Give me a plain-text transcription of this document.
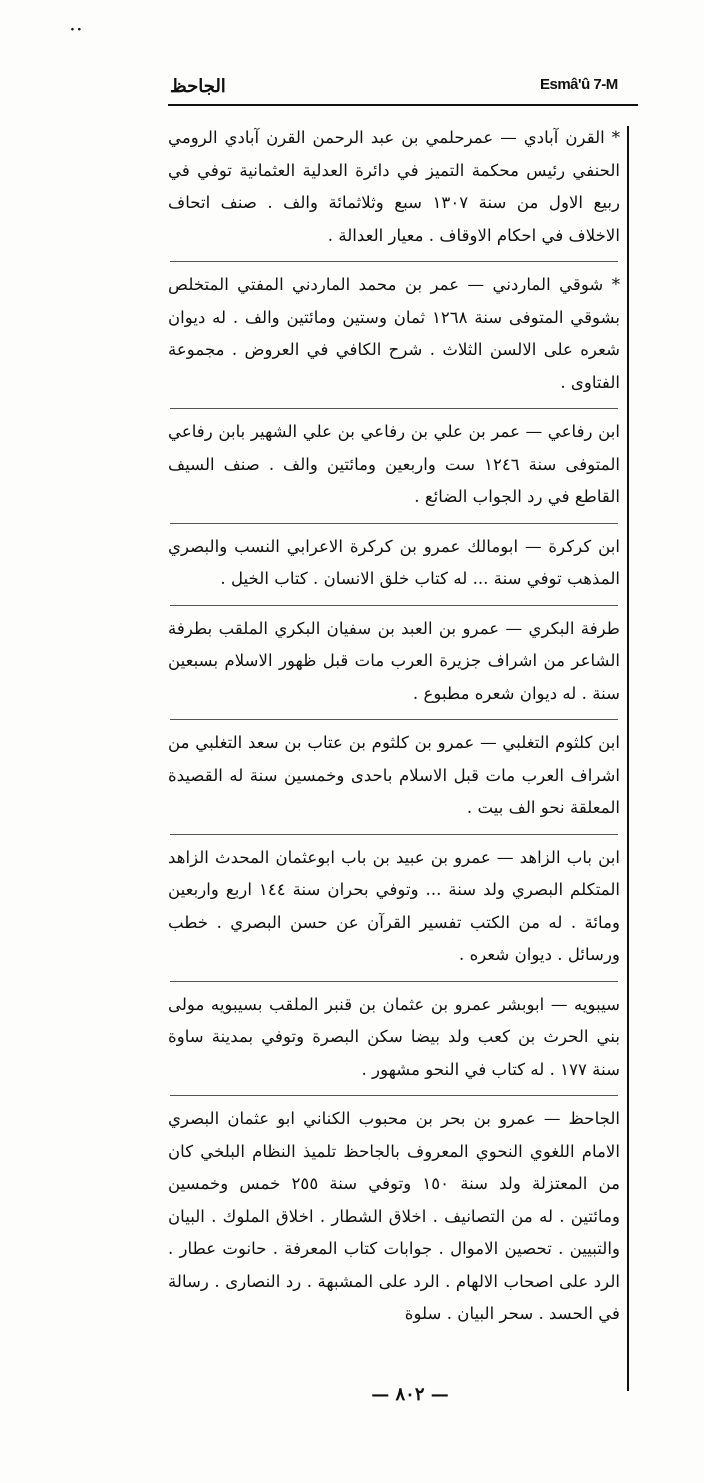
··
Esmâ'û 7-M
الجاحظ

* القرن آبادي — عمرحلمي بن عبد الرحمن القرن آبادي الرومي الحنفي رئيس محكمة التميز في دائرة العدلية العثمانية توفي في ربيع الاول من سنة ١٣٠٧ سبع وثلاثمائة والف . صنف اتحاف الاخلاف في احكام الاوقاف . معيار العدالة .

* شوقي الماردني — عمر بن محمد الماردني المفتي المتخلص بشوقي المتوفى سنة ١٢٦٨ ثمان وستين ومائتين والف . له ديوان شعره على الالسن الثلاث . شرح الكافي في العروض . مجموعة الفتاوى .

ابن رفاعي — عمر بن علي بن رفاعي بن علي الشهير بابن رفاعي المتوفى سنة ١٢٤٦ ست واربعين ومائتين والف . صنف السيف القاطع في رد الجواب الضائع .

ابن كركرة — ابومالك عمرو بن كركرة الاعرابي النسب والبصري المذهب توفي سنة ... له كتاب خلق الانسان . كتاب الخيل .

طرفة البكري — عمرو بن العبد بن سفيان البكري الملقب بطرفة الشاعر من اشراف جزيرة العرب مات قبل ظهور الاسلام بسبعين سنة . له ديوان شعره مطبوع .

ابن كلثوم التغلبي — عمرو بن كلثوم بن عتاب بن سعد التغلبي من اشراف العرب مات قبل الاسلام باحدى وخمسين سنة له القصيدة المعلقة نحو الف بيت .

ابن باب الزاهد — عمرو بن عبيد بن باب ابوعثمان المحدث الزاهد المتكلم البصري ولد سنة ... وتوفي بحران سنة ١٤٤ اربع واربعين ومائة . له من الكتب تفسير القرآن عن حسن البصري . خطب ورسائل . ديوان شعره .

سيبويه — ابوبشر عمرو بن عثمان بن قنبر الملقب بسيبويه مولى بني الحرث بن كعب ولد بيضا سكن البصرة وتوفي بمدينة ساوة سنة ١٧٧ . له كتاب في النحو مشهور .

الجاحظ — عمرو بن بحر بن محبوب الكناني ابو عثمان البصري الامام اللغوي النحوي المعروف بالجاحظ تلميذ النظام البلخي كان من المعتزلة ولد سنة ١٥٠ وتوفي سنة ٢٥٥ خمس وخمسين ومائتين . له من التصانيف . اخلاق الشطار . اخلاق الملوك . البيان والتبيين . تحصين الاموال . جوابات كتاب المعرفة . حانوت عطار . الرد على اصحاب الالهام . الرد على المشبهة . رد النصارى . رسالة في الحسد . سحر البيان . سلوة

— ٨٠٢ —
